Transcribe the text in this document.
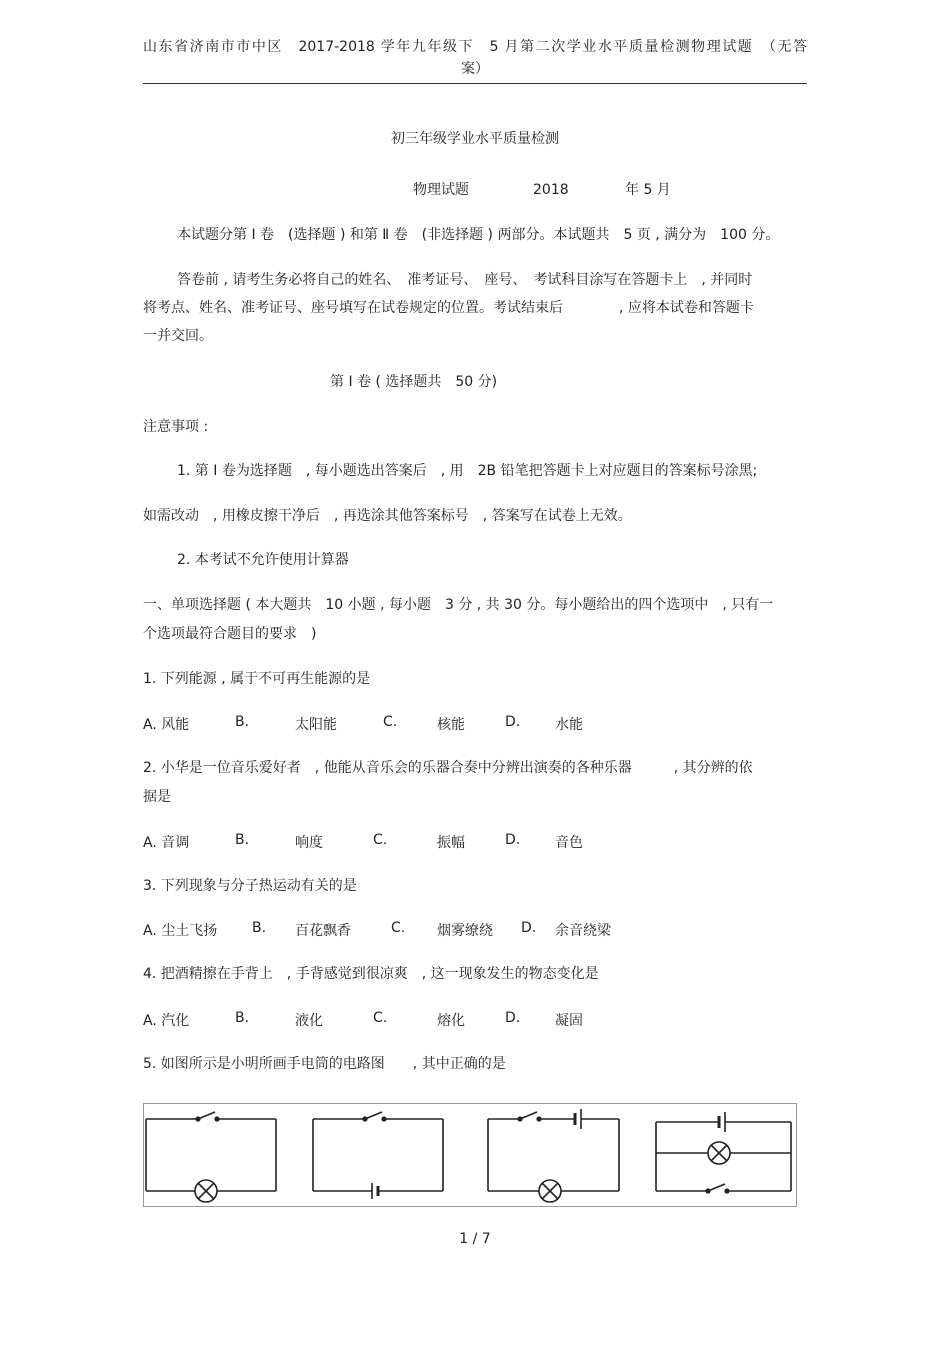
山东省济南市市中区　2017-2018 学年九年级下　5 月第二次学业水平质量检测物理试题　（无答
案）
初三年级学业水平质量检测
物理试题	2018	年 5 月
本试题分第 Ⅰ 卷　(选择题 ) 和第 Ⅱ 卷　(非选择题 ) 两部分。本试题共　5 页 , 满分为　100 分。
答卷前 , 请考生务必将自己的姓名、　准考证号、　座号、　考试科目涂写在答题卡上　, 并同时
将考点、姓名、准考证号、座号填写在试卷规定的位置。考试结束后　　　　, 应将本试卷和答题卡
一并交回。
第 Ⅰ 卷 ( 选择题共　50 分)
注意事项 :
1. 第 Ⅰ 卷为选择题　, 每小题选出答案后　, 用　2B 铅笔把答题卡上对应题目的答案标号涂黑;
如需改动　, 用橡皮擦干净后　, 再选涂其他答案标号　, 答案写在试卷上无效。
2. 本考试不允许使用计算器
一、单项选择题 ( 本大题共　10 小题 , 每小题　3 分 , 共 30 分。每小题给出的四个选项中　, 只有一
个选项最符合题目的要求　)
1. 下列能源 , 属于不可再生能源的是
A. 风能	B.	太阳能	C.	核能	D. 水能
2. 小华是一位音乐爱好者　, 他能从音乐会的乐器合奏中分辨出演奏的各种乐器　　　, 其分辨的依
据是
A. 音调	B.	响度	C.	振幅	D. 音色
3. 下列现象与分子热运动有关的是
A. 尘土飞扬 B. 百花飘香	C. 烟雾缭绕 D. 余音绕梁
4. 把酒精擦在手背上　, 手背感觉到很凉爽　, 这一现象发生的物态变化是
A. 汽化	B.	液化	C.	熔化	D. 凝固
5. 如图所示是小明所画手电筒的电路图　　, 其中正确的是
1 / 7
